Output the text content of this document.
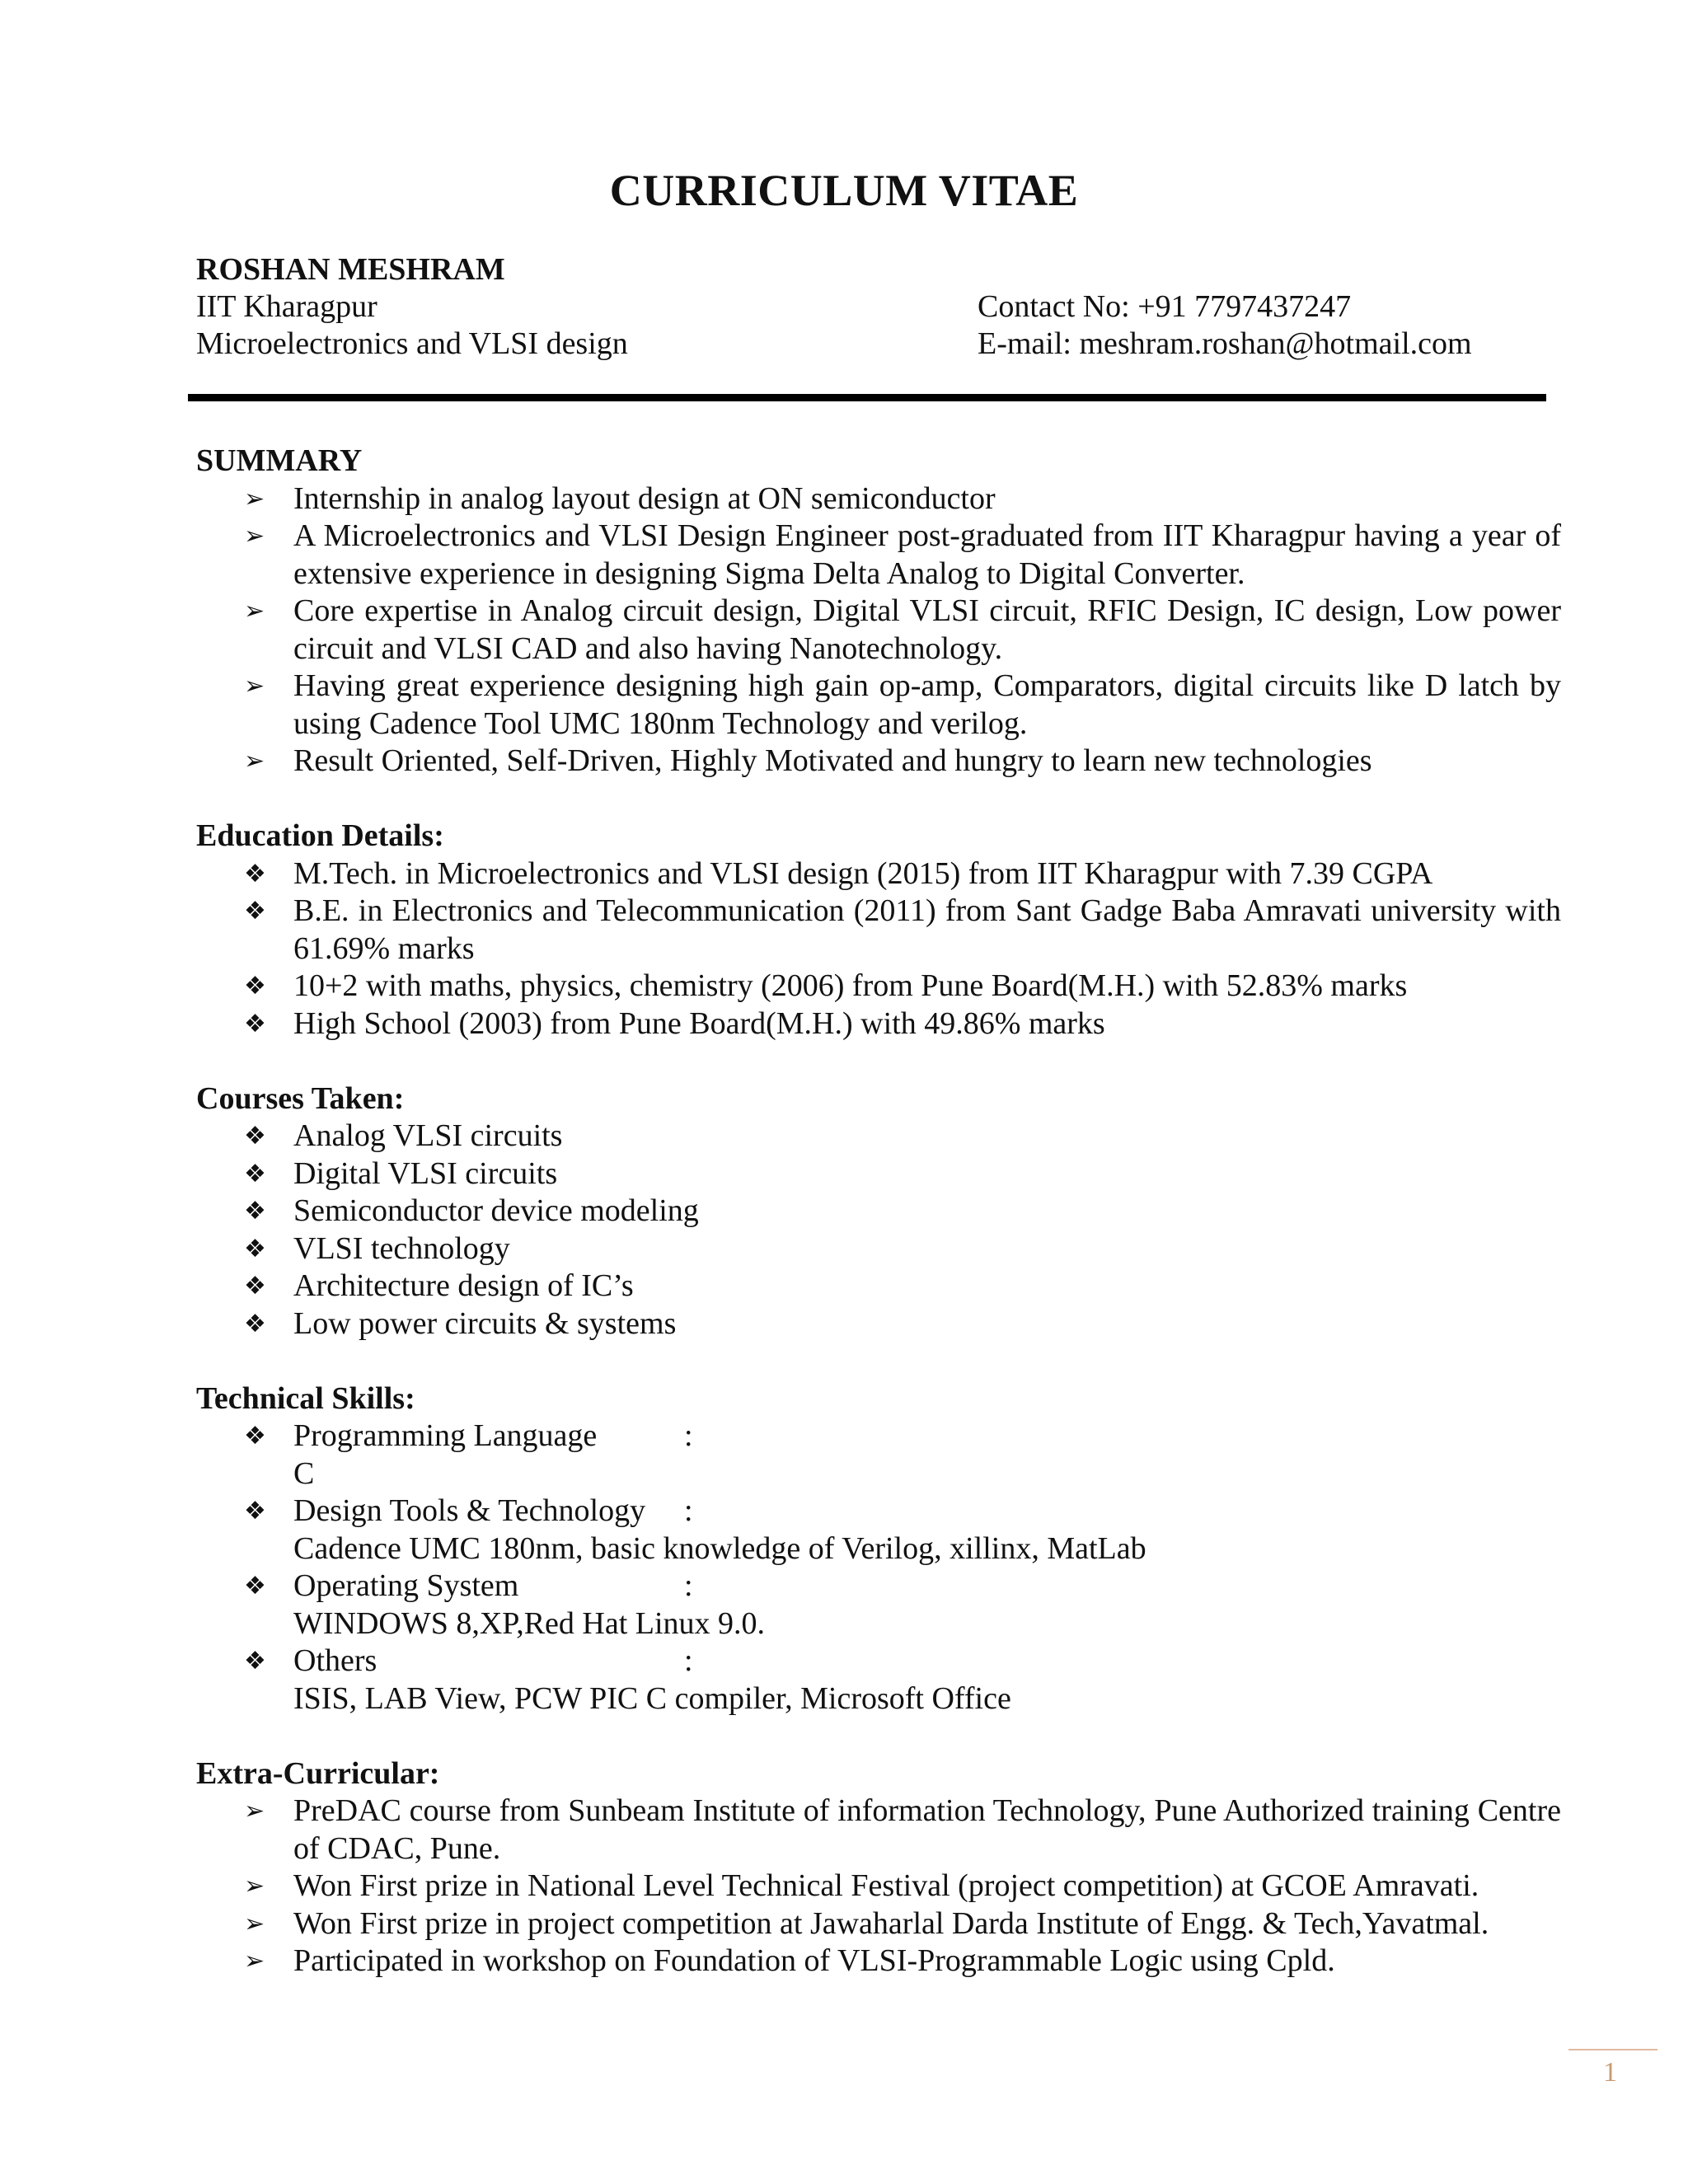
CURRICULUM VITAE
ROSHAN MESHRAM
IIT Kharagpur	Contact No: +91 7797437247
Microelectronics and VLSI design	E-mail: meshram.roshan@hotmail.com
SUMMARY
➢ Internship in analog layout design at ON semiconductor
➢ A Microelectronics and VLSI Design Engineer post-graduated from IIT Kharagpur having a year of extensive experience in designing Sigma Delta Analog to Digital Converter.
➢ Core expertise in Analog circuit design, Digital VLSI circuit, RFIC Design, IC design, Low power circuit and VLSI CAD and also having Nanotechnology.
➢ Having great experience designing high gain op-amp, Comparators, digital circuits like D latch by using Cadence Tool UMC 180nm Technology and verilog.
➢ Result Oriented, Self-Driven, Highly Motivated and hungry to learn new technologies
Education Details:
❖ M.Tech. in Microelectronics and VLSI design (2015) from IIT Kharagpur with 7.39 CGPA
❖ B.E. in Electronics and Telecommunication (2011) from Sant Gadge Baba Amravati university with 61.69% marks
❖ 10+2 with maths, physics, chemistry (2006) from Pune Board(M.H.) with 52.83% marks
❖ High School (2003) from Pune Board(M.H.) with 49.86% marks
Courses Taken:
❖ Analog VLSI circuits
❖ Digital VLSI circuits
❖ Semiconductor device modeling
❖ VLSI technology
❖ Architecture design of IC’s
❖ Low power circuits & systems
Technical Skills:
❖ Programming Language	:C
❖ Design Tools & Technology :Cadence UMC 180nm, basic knowledge of Verilog, xillinx, MatLab
❖ Operating System	:WINDOWS 8,XP,Red Hat Linux 9.0.
❖ Others	:ISIS, LAB View, PCW PIC C compiler, Microsoft Office
Extra-Curricular:
➢ PreDAC course from Sunbeam Institute of information Technology, Pune Authorized training Centre of CDAC, Pune.
➢ Won First prize in National Level Technical Festival (project competition) at GCOE Amravati.
➢ Won First prize in project competition at Jawaharlal Darda Institute of Engg. & Tech,Yavatmal.
➢ Participated in workshop on Foundation of VLSI-Programmable Logic using Cpld.
1
